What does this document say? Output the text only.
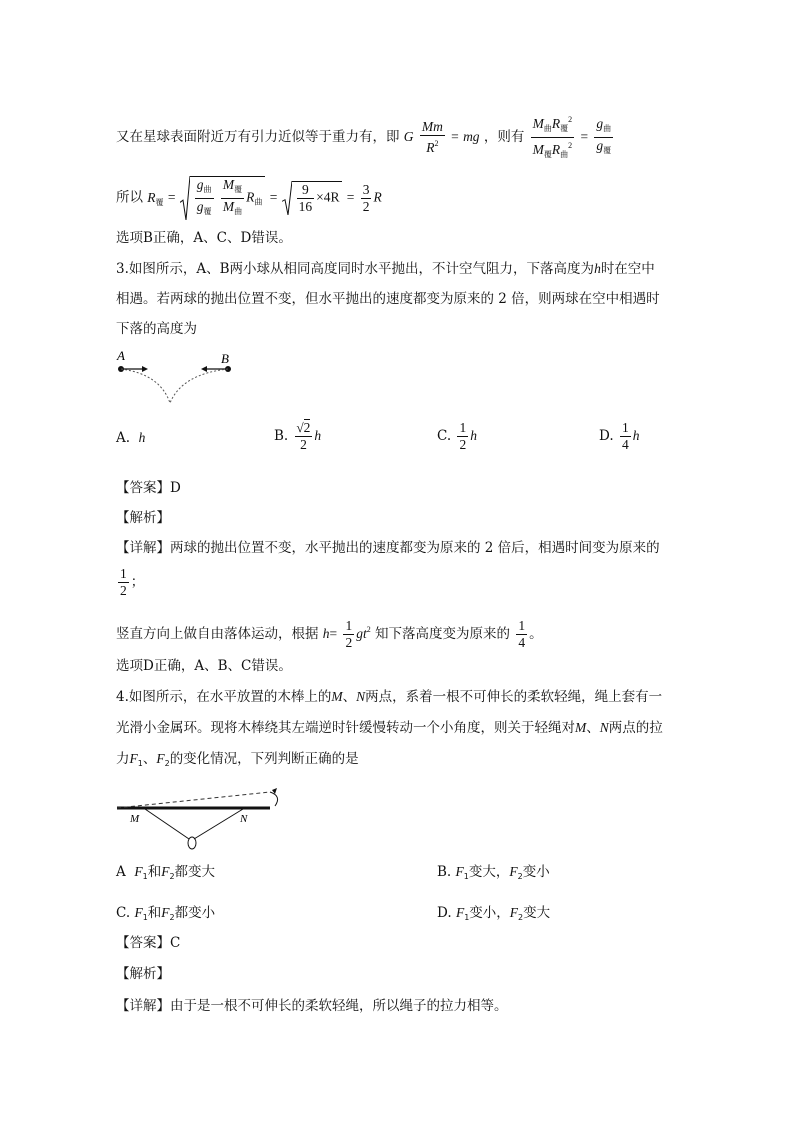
又在星球表面附近万有引力近似等于重力有，即 G $\frac{Mm}{R^2}$ = mg ，则有 $\frac{M_曲R_覆^2}{M_覆R_曲^2} = \frac{g_曲}{g_覆}$
所以 $R_覆 = \frac{g_曲}{g_覆}$
$\frac{M_覆}{M_曲} R_曲 = \frac{9}{16} \times 4R = \frac{3}{2}$ R
选项B正确，A、C、D错误。
3.如图所示，A、B两小球从相同高度同时水平抛出，不计空气阻力，下落高度为h时在空中
相遇。若两球的抛出位置不变，但水平抛出的速度都变为原来的 2 倍，则两球在空中相遇时
下落的高度为
A	B
A. h	B. $\frac{√2}{2}$ h	C. $\frac{1}{2}$ h	D. $\frac{1}{4}$ h
【答案】D
【解析】
【详解】两球的抛出位置不变，水平抛出的速度都变为原来的 2 倍后，相遇时间变为原来的
$\frac{1}{2}$ ；
竖直方向上做自由落体运动，根据 $h= \frac{1}{2} gt^2$ 知下落高度变为原来的 $\frac{1}{4}$ 。
选项D正确，A、B、C错误。
4.如图所示，在水平放置的木棒上的M、N两点，系着一根不可伸长的柔软轻绳，绳上套有一
光滑小金属环。现将木棒绕其左端逆时针缓慢转动一个小角度，则关于轻绳对M、N两点的拉
力$F_1$、$F_2$的变化情况，下列判断正确的是
M	N
A $F_1$和$F_2$都变大	B. $F_1$变大，$F_2$变小
C. $F_1$和$F_2$都变小	D. $F_1$变小，$F_2$变大
【答案】C
【解析】
【详解】由于是一根不可伸长的柔软轻绳，所以绳子的拉力相等。
